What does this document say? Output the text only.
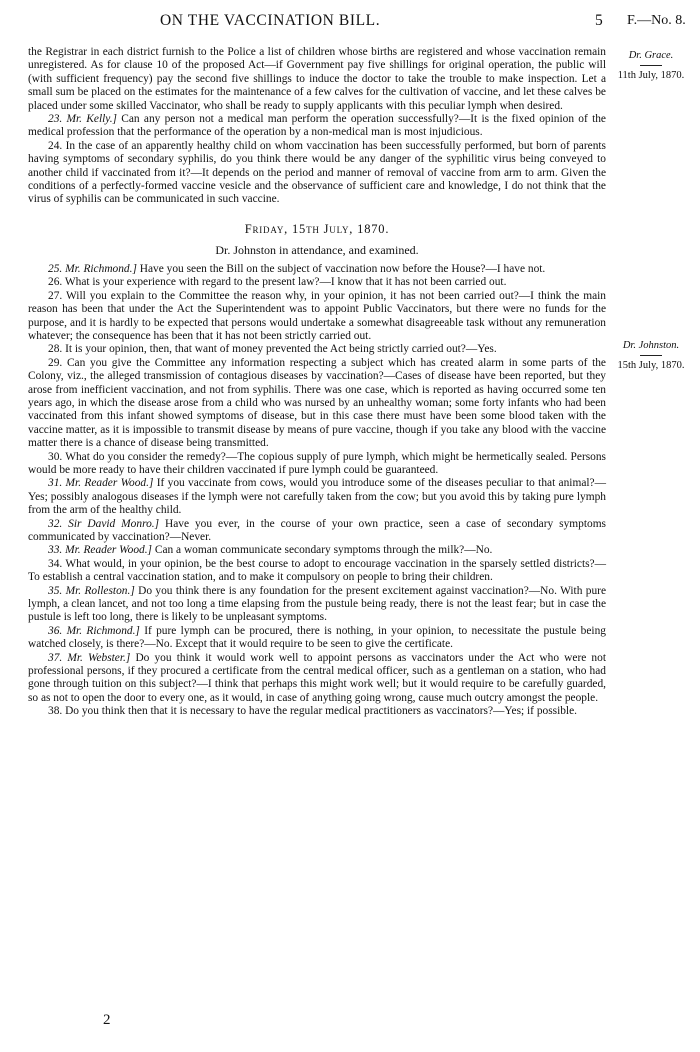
ON THE VACCINATION BILL.	5 F.—No. 8.
Dr. Grace.
11th July, 1870.
Dr. Johnston.
15th July, 1870.

the Registrar in each district furnish to the Police a list of children whose births are registered and whose vaccination remain unregistered. As for clause 10 of the proposed Act—if Government pay five shillings for original operation, the public will (with sufficient frequency) pay the second five shillings to induce the doctor to take the trouble to make inspection. Let a small sum be placed on the estimates for the maintenance of a few calves for the cultivation of vaccine, and let these calves be placed under some skilled Vaccinator, who shall be ready to supply applicants with this peculiar lymph when desired.

23. Mr. Kelly.] Can any person not a medical man perform the operation successfully?—It is the fixed opinion of the medical profession that the performance of the operation by a non-medical man is most injudicious.

24. In the case of an apparently healthy child on whom vaccination has been successfully performed, but born of parents having symptoms of secondary syphilis, do you think there would be any danger of the syphilitic virus being conveyed to another child if vaccinated from it?—It depends on the period and manner of removal of vaccine from arm to arm. Given the conditions of a perfectly-formed vaccine vesicle and the observance of sufficient care and knowledge, I do not think that the virus of syphilis can be communicated in such vaccine.

Friday, 15th July, 1870.

Dr. Johnston in attendance, and examined.

25. Mr. Richmond.] Have you seen the Bill on the subject of vaccination now before the House?—I have not.

26. What is your experience with regard to the present law?—I know that it has not been carried out.

27. Will you explain to the Committee the reason why, in your opinion, it has not been carried out?—I think the main reason has been that under the Act the Superintendent was to appoint Public Vaccinators, but there were no funds for the purpose, and it is hardly to be expected that persons would undertake a somewhat disagreeable task without any remuneration whatever; the consequence has been that it has not been strictly carried out.

28. It is your opinion, then, that want of money prevented the Act being strictly carried out?—Yes.

29. Can you give the Committee any information respecting a subject which has created alarm in some parts of the Colony, viz., the alleged transmission of contagious diseases by vaccination?—Cases of disease have been reported, but they arose from inefficient vaccination, and not from syphilis. There was one case, which is reported as having occurred some ten years ago, in which the disease arose from a child who was nursed by an unhealthy woman; some forty infants who had been vaccinated from this infant showed symptoms of disease, but in this case there must have been some blood taken with the vaccine matter, as it is impossible to transmit disease by means of pure vaccine, though if you take any blood with the vaccine matter there is a chance of disease being transmitted.

30. What do you consider the remedy?—The copious supply of pure lymph, which might be hermetically sealed. Persons would be more ready to have their children vaccinated if pure lymph could be guaranteed.

31. Mr. Reader Wood.] If you vaccinate from cows, would you introduce some of the diseases peculiar to that animal?—Yes; possibly analogous diseases if the lymph were not carefully taken from the cow; but you avoid this by taking pure lymph from the arm of the healthy child.

32. Sir David Monro.] Have you ever, in the course of your own practice, seen a case of secondary symptoms communicated by vaccination?—Never.

33. Mr. Reader Wood.] Can a woman communicate secondary symptoms through the milk?—No.

34. What would, in your opinion, be the best course to adopt to encourage vaccination in the sparsely settled districts?—To establish a central vaccination station, and to make it compulsory on people to bring their children.

35. Mr. Rolleston.] Do you think there is any foundation for the present excitement against vaccination?—No. With pure lymph, a clean lancet, and not too long a time elapsing from the pustule being ready, there is not the least fear; but in case the pustule is left too long, there is likely to be unpleasant symptoms.

36. Mr. Richmond.] If pure lymph can be procured, there is nothing, in your opinion, to necessitate the pustule being watched closely, is there?—No. Except that it would require to be seen to give the certificate.

37. Mr. Webster.] Do you think it would work well to appoint persons as vaccinators under the Act who were not professional persons, if they procured a certificate from the central medical officer, such as a gentleman on a station, who had gone through tuition on this subject?—I think that perhaps this might work well; but it would require to be carefully guarded, so as not to open the door to every one, as it would, in case of anything going wrong, cause much outcry amongst the people.

38. Do you think then that it is necessary to have the regular medical practitioners as vaccinators?—Yes; if possible.

2
